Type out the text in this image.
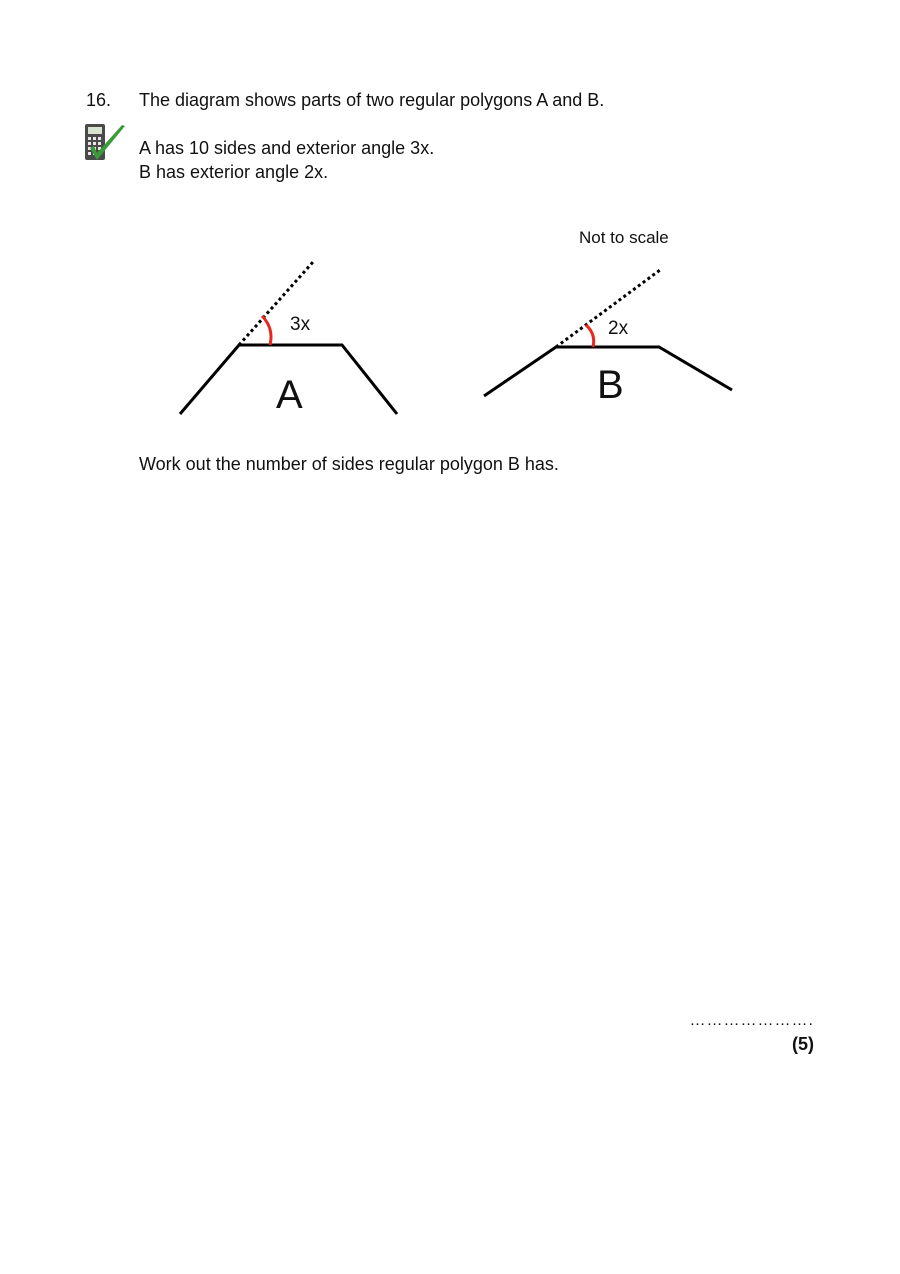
16. The diagram shows parts of two regular polygons A and B.
A has 10 sides and exterior angle 3x.
B has exterior angle 2x.
Not to scale
3x
A
2x
B
Work out the number of sides regular polygon B has.
………………….
(5)
